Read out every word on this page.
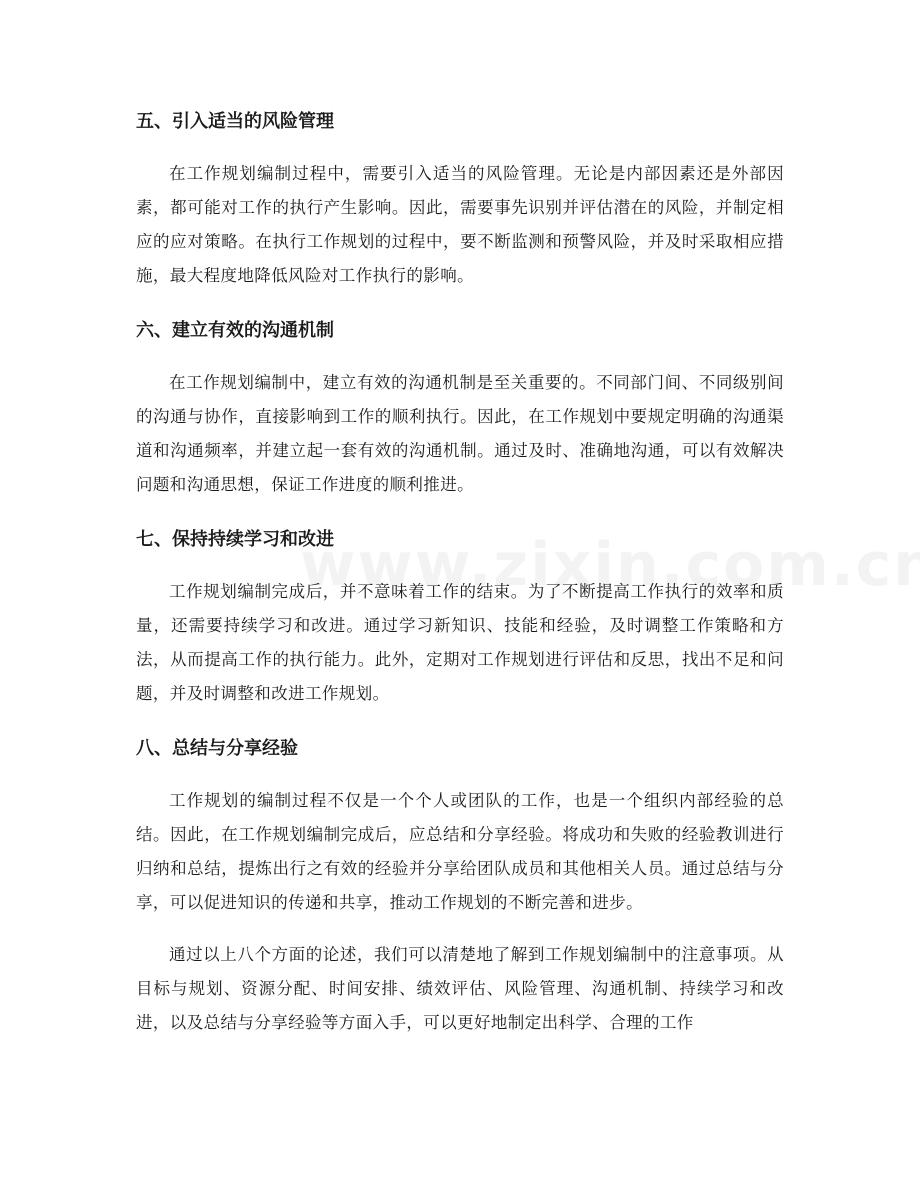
五、引入适当的风险管理

在工作规划编制过程中，需要引入适当的风险管理。无论是内部因素还是外部因素，都可能对工作的执行产生影响。因此，需要事先识别并评估潜在的风险，并制定相应的应对策略。在执行工作规划的过程中，要不断监测和预警风险，并及时采取相应措施，最大程度地降低风险对工作执行的影响。

六、建立有效的沟通机制

在工作规划编制中，建立有效的沟通机制是至关重要的。不同部门间、不同级别间的沟通与协作，直接影响到工作的顺利执行。因此，在工作规划中要规定明确的沟通渠道和沟通频率，并建立起一套有效的沟通机制。通过及时、准确地沟通，可以有效解决问题和沟通思想，保证工作进度的顺利推进。

七、保持持续学习和改进

工作规划编制完成后，并不意味着工作的结束。为了不断提高工作执行的效率和质量，还需要持续学习和改进。通过学习新知识、技能和经验，及时调整工作策略和方法，从而提高工作的执行能力。此外，定期对工作规划进行评估和反思，找出不足和问题，并及时调整和改进工作规划。

八、总结与分享经验

工作规划的编制过程不仅是一个个人或团队的工作，也是一个组织内部经验的总结。因此，在工作规划编制完成后，应总结和分享经验。将成功和失败的经验教训进行归纳和总结，提炼出行之有效的经验并分享给团队成员和其他相关人员。通过总结与分享，可以促进知识的传递和共享，推动工作规划的不断完善和进步。

通过以上八个方面的论述，我们可以清楚地了解到工作规划编制中的注意事项。从目标与规划、资源分配、时间安排、绩效评估、风险管理、沟通机制、持续学习和改进，以及总结与分享经验等方面入手，可以更好地制定出科学、合理的工作
